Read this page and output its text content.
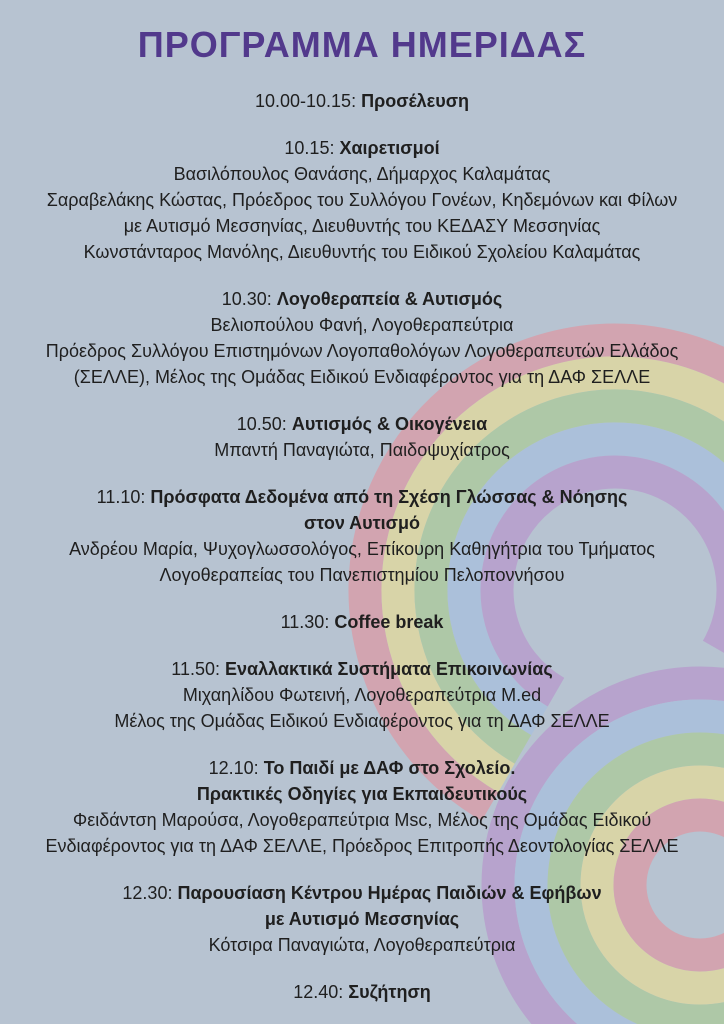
ΠΡΟΓΡΑΜΜΑ ΗΜΕΡΙΔΑΣ
10.00-10.15: Προσέλευση
10.15: Χαιρετισμοί
Βασιλόπουλος Θανάσης, Δήμαρχος Καλαμάτας
Σαραβελάκης Κώστας, Πρόεδρος του Συλλόγου Γονέων, Κηδεμόνων και Φίλων
με Αυτισμό Μεσσηνίας, Διευθυντής του ΚΕΔΑΣΥ Μεσσηνίας
Κωνστάνταρος Μανόλης, Διευθυντής του Ειδικού Σχολείου Καλαμάτας
10.30: Λογοθεραπεία & Αυτισμός
Βελιοπούλου Φανή, Λογοθεραπεύτρια
Πρόεδρος Συλλόγου Επιστημόνων Λογοπαθολόγων Λογοθεραπευτών Ελλάδος
(ΣΕΛΛΕ), Μέλος της Ομάδας Ειδικού Ενδιαφέροντος για τη ΔΑΦ ΣΕΛΛΕ
10.50: Αυτισμός & Οικογένεια
Μπαντή Παναγιώτα, Παιδοψυχίατρος
11.10: Πρόσφατα Δεδομένα από τη Σχέση Γλώσσας & Νόησης
στον Αυτισμό
Ανδρέου Μαρία, Ψυχογλωσσολόγος, Επίκουρη Καθηγήτρια του Τμήματος
Λογοθεραπείας του Πανεπιστημίου Πελοποννήσου
11.30: Coffee break
11.50: Εναλλακτικά Συστήματα Επικοινωνίας
Μιχαηλίδου Φωτεινή, Λογοθεραπεύτρια M.ed
Μέλος της Ομάδας Ειδικού Ενδιαφέροντος για τη ΔΑΦ ΣΕΛΛΕ
12.10: Το Παιδί με ΔΑΦ στο Σχολείο.
Πρακτικές Οδηγίες για Εκπαιδευτικούς
Φειδάντση Μαρούσα, Λογοθεραπεύτρια Msc, Μέλος της Ομάδας Ειδικού
Ενδιαφέροντος για τη ΔΑΦ ΣΕΛΛΕ, Πρόεδρος Επιτροπής Δεοντολογίας ΣΕΛΛΕ
12.30: Παρουσίαση Κέντρου Ημέρας Παιδιών & Εφήβων
με Αυτισμό Μεσσηνίας
Κότσιρα Παναγιώτα, Λογοθεραπεύτρια
12.40: Συζήτηση
